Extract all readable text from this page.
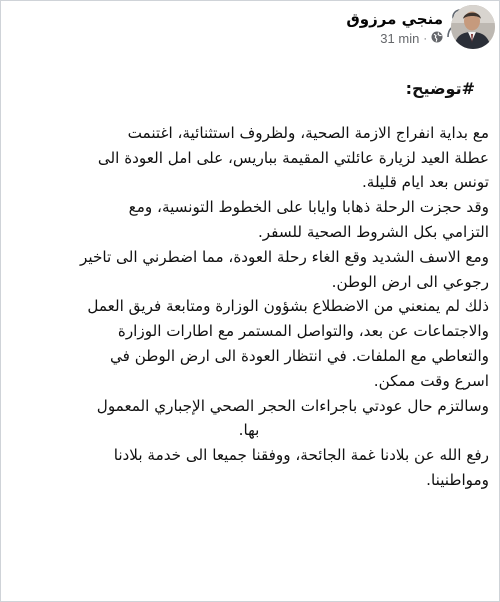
منجي مرزوق
31 min ·
#توضيح:
مع بداية انفراج الازمة الصحية، ولظروف استثنائية، اغتنمت
عطلة العيد لزيارة عائلتي المقيمة بباريس، على امل العودة الى
تونس بعد ايام قليلة.
وقد حجزت الرحلة ذهابا وايابا على الخطوط التونسية، ومع
التزامي بكل الشروط الصحية للسفر.
ومع الاسف الشديد وقع الغاء رحلة العودة، مما اضطرني الى تاخير
رجوعي الى ارض الوطن.
ذلك لم يمنعني من الاضطلاع بشؤون الوزارة ومتابعة فريق العمل
والاجتماعات عن بعد، والتواصل المستمر مع اطارات الوزارة
والتعاطي مع الملفات. في انتظار العودة الى ارض الوطن في
اسرع وقت ممكن.
وسالتزم حال عودتي باجراءات الحجر الصحي الإجباري المعمول
بها.
رفع الله عن بلادنا غمة الجائحة، ووفقنا جميعا الى خدمة بلادنا
ومواطنينا.
